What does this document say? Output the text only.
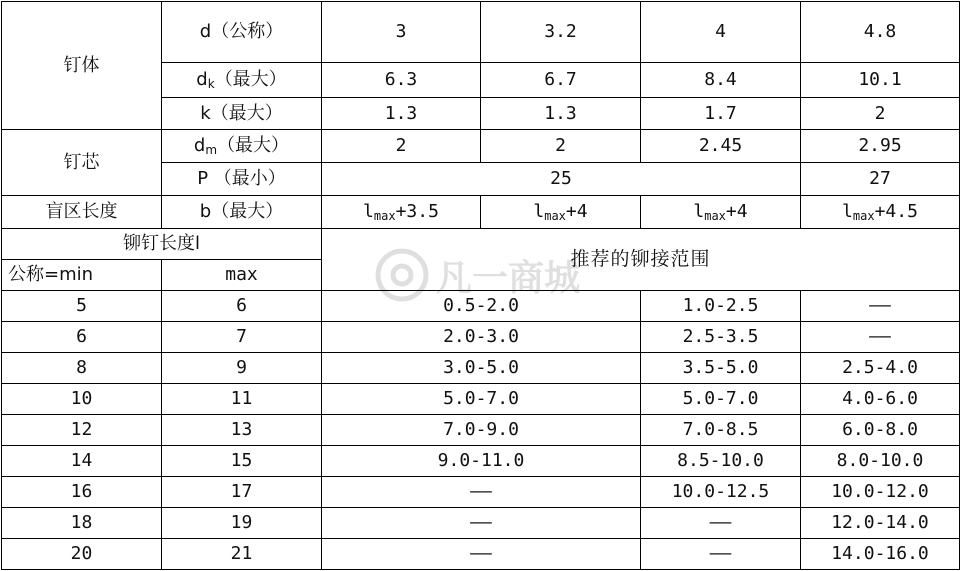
钉体	d（公称）	3	3.2	4	4.8
	$d_k$（最大）	6.3	6.7	8.4	10.1
	k（最大）	1.3	1.3	1.7	2
钉芯	$d_m$（最大）	2	2	2.45	2.95
	P （最小）	25			27
盲区长度	b（最大）	$l_{max}+3.5$	$l_{max}+4$	$l_{max}+4$	$l_{max}+4.5$
铆钉长度l		推荐的铆接范围			
公称=min	max				
5	6	0.5-2.0		1.0-2.5	——
6	7	2.0-3.0		2.5-3.5	——
8	9	3.0-5.0		3.5-5.0	2.5-4.0
10	11	5.0-7.0		5.0-7.0	4.0-6.0
12	13	7.0-9.0		7.0-8.5	6.0-8.0
14	15	9.0-11.0		8.5-10.0	8.0-10.0
16	17	——		10.0-12.5	10.0-12.0
18	19	——		——	12.0-14.0
20	21	——		——	14.0-16.0
凡一商城
